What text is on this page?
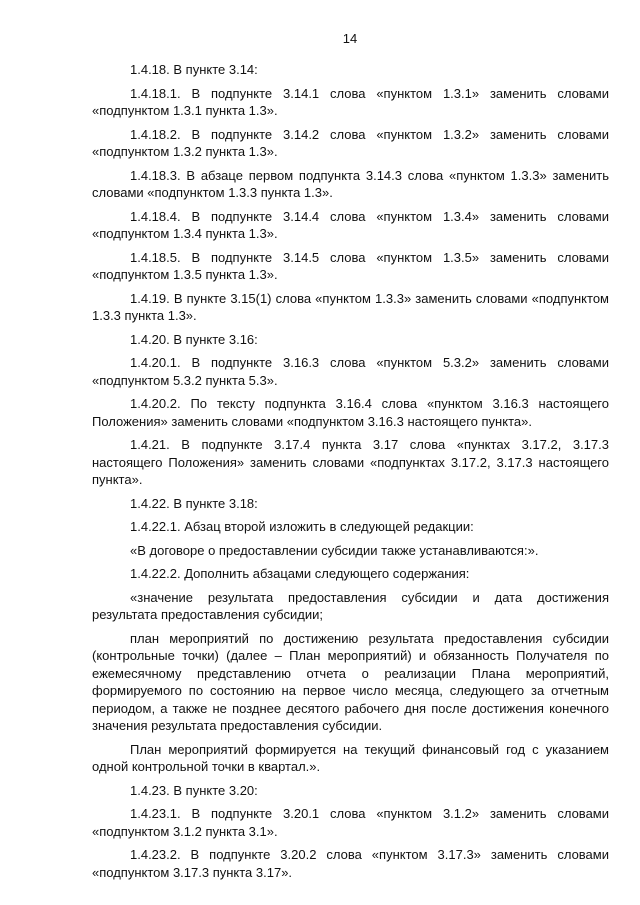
14

1.4.18. В пункте 3.14:

1.4.18.1. В подпункте 3.14.1 слова «пунктом 1.3.1» заменить словами «подпунктом 1.3.1 пункта 1.3».

1.4.18.2. В подпункте 3.14.2 слова «пунктом 1.3.2» заменить словами «подпунктом 1.3.2 пункта 1.3».

1.4.18.3. В абзаце первом подпункта 3.14.3 слова «пунктом 1.3.3» заменить словами «подпунктом 1.3.3 пункта 1.3».

1.4.18.4. В подпункте 3.14.4 слова «пунктом 1.3.4» заменить словами «подпунктом 1.3.4 пункта 1.3».

1.4.18.5. В подпункте 3.14.5 слова «пунктом 1.3.5» заменить словами «подпунктом 1.3.5 пункта 1.3».

1.4.19. В пункте 3.15(1) слова «пунктом 1.3.3» заменить словами «подпунктом 1.3.3 пункта 1.3».

1.4.20. В пункте 3.16:

1.4.20.1. В подпункте 3.16.3 слова «пунктом 5.3.2» заменить словами «подпунктом 5.3.2 пункта 5.3».

1.4.20.2. По тексту подпункта 3.16.4 слова «пунктом 3.16.3 настоящего Положения» заменить словами «подпунктом 3.16.3 настоящего пункта».

1.4.21. В подпункте 3.17.4 пункта 3.17 слова «пунктах 3.17.2, 3.17.3 настоящего Положения» заменить словами «подпунктах 3.17.2, 3.17.3 настоящего пункта».

1.4.22. В пункте 3.18:

1.4.22.1. Абзац второй изложить в следующей редакции:

«В договоре о предоставлении субсидии также устанавливаются:».

1.4.22.2. Дополнить абзацами следующего содержания:

«значение результата предоставления субсидии и дата достижения результата предоставления субсидии;

план мероприятий по достижению результата предоставления субсидии (контрольные точки) (далее – План мероприятий) и обязанность Получателя по ежемесячному представлению отчета о реализации Плана мероприятий, формируемого по состоянию на первое число месяца, следующего за отчетным периодом, а также не позднее десятого рабочего дня после достижения конечного значения результата предоставления субсидии.

План мероприятий формируется на текущий финансовый год с указанием одной контрольной точки в квартал.».

1.4.23. В пункте 3.20:

1.4.23.1. В подпункте 3.20.1 слова «пунктом 3.1.2» заменить словами «подпунктом 3.1.2 пункта 3.1».

1.4.23.2. В подпункте 3.20.2 слова «пунктом 3.17.3» заменить словами «подпунктом 3.17.3 пункта 3.17».
